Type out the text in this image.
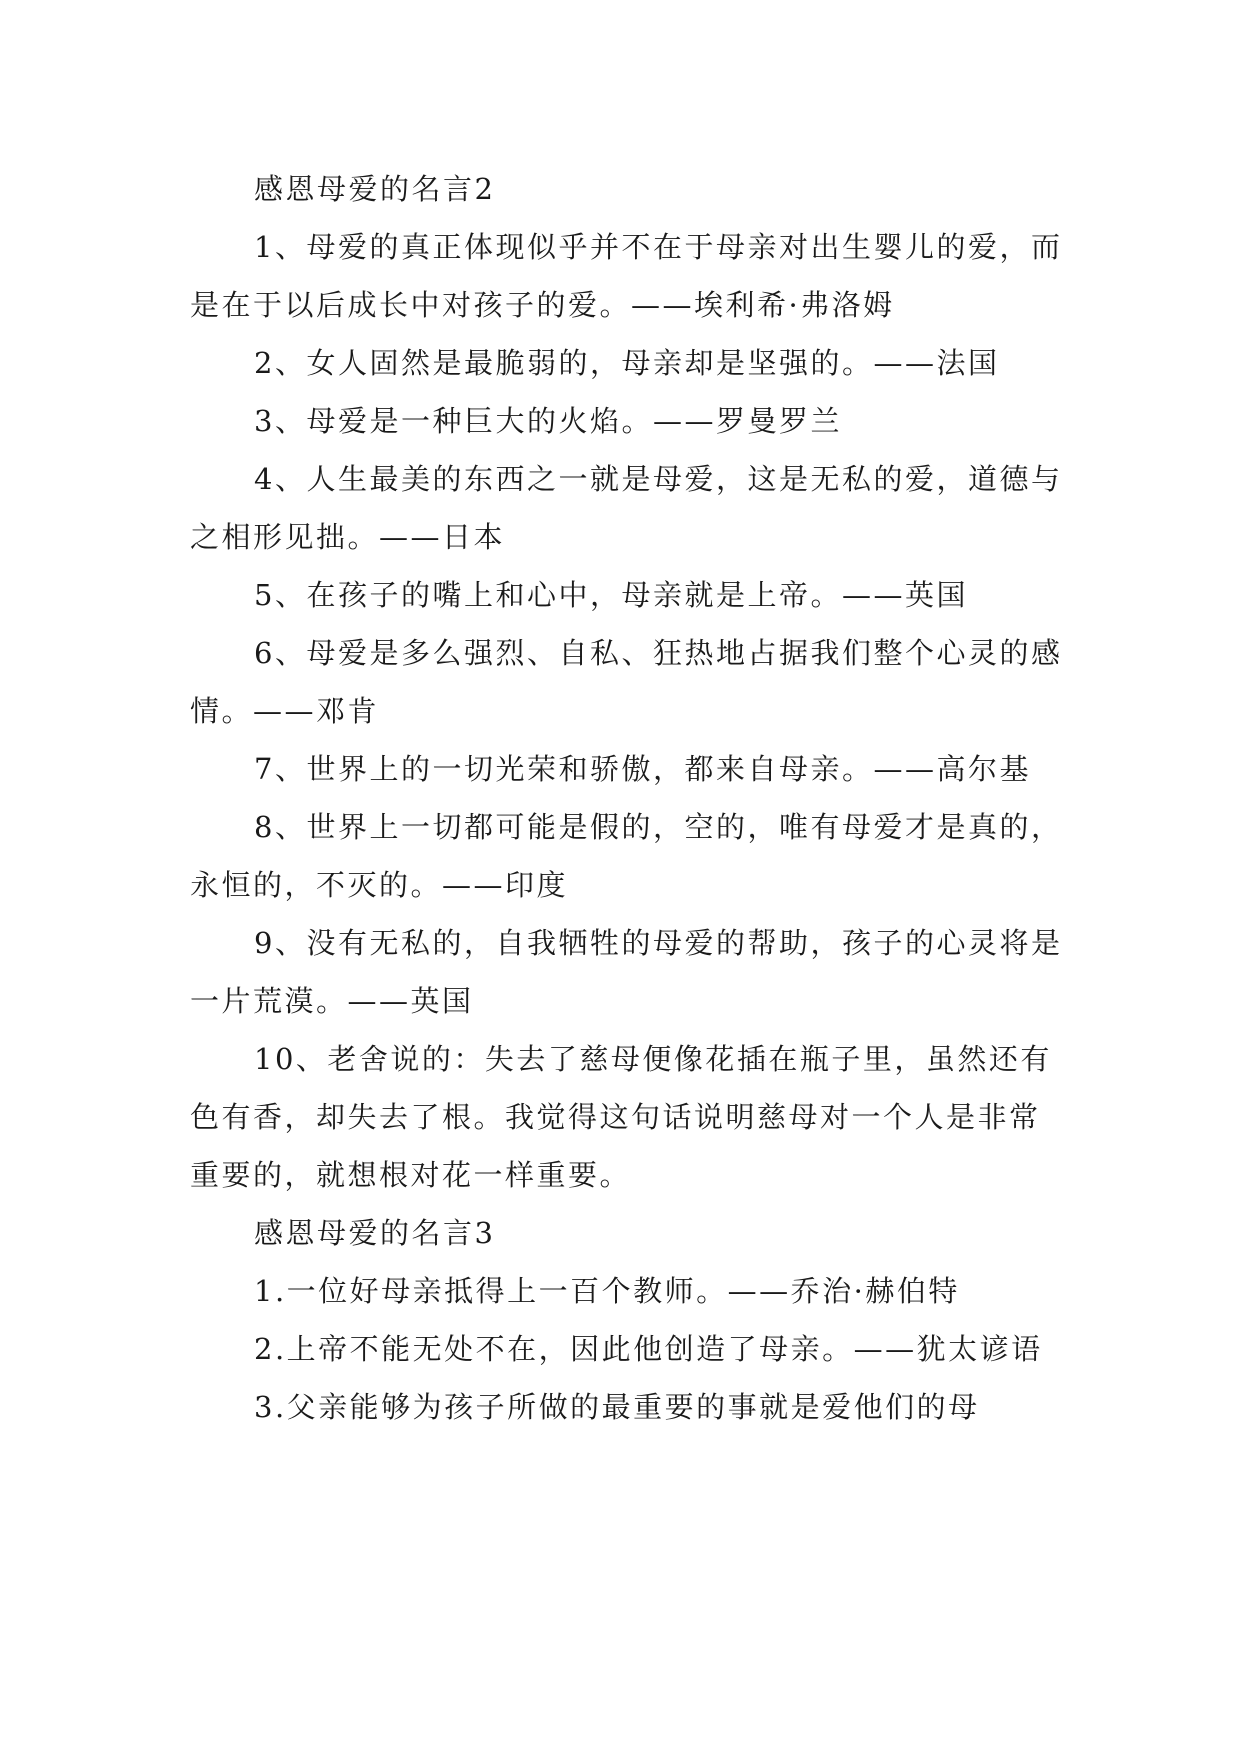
感恩母爱的名言2

1、母爱的真正体现似乎并不在于母亲对出生婴儿的爱，而是在于以后成长中对孩子的爱。——埃利希·弗洛姆

2、女人固然是最脆弱的，母亲却是坚强的。——法国

3、母爱是一种巨大的火焰。——罗曼罗兰

4、人生最美的东西之一就是母爱，这是无私的爱，道德与之相形见拙。——日本

5、在孩子的嘴上和心中，母亲就是上帝。——英国

6、母爱是多么强烈、自私、狂热地占据我们整个心灵的感情。——邓肯

7、世界上的一切光荣和骄傲，都来自母亲。——高尔基

8、世界上一切都可能是假的，空的，唯有母爱才是真的，永恒的，不灭的。——印度

9、没有无私的，自我牺牲的母爱的帮助，孩子的心灵将是一片荒漠。——英国

10、老舍说的：失去了慈母便像花插在瓶子里，虽然还有色有香，却失去了根。我觉得这句话说明慈母对一个人是非常重要的，就想根对花一样重要。

感恩母爱的名言3

1.一位好母亲抵得上一百个教师。——乔治·赫伯特

2.上帝不能无处不在，因此他创造了母亲。——犹太谚语

3.父亲能够为孩子所做的最重要的事就是爱他们的母
